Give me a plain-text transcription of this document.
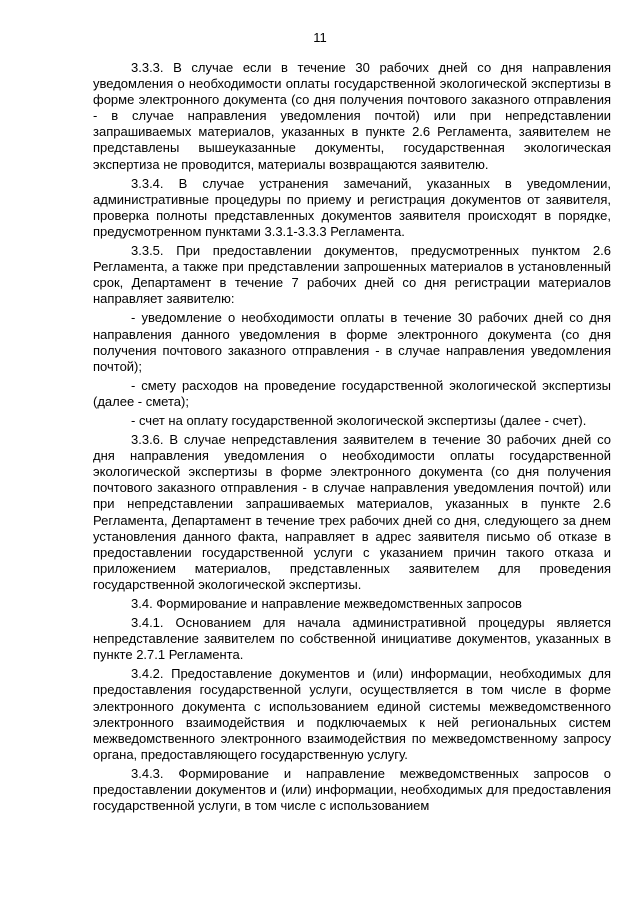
11

3.3.3. В случае если в течение 30 рабочих дней со дня направления уведомления о необходимости оплаты государственной экологической экспертизы в форме электронного документа (со дня получения почтового заказного отправления - в случае направления уведомления почтой) или при непредставлении запрашиваемых материалов, указанных в пункте 2.6 Регламента, заявителем не представлены вышеуказанные документы, государственная экологическая экспертиза не проводится, материалы возвращаются заявителю.

3.3.4. В случае устранения замечаний, указанных в уведомлении, административные процедуры по приему и регистрация документов от заявителя, проверка полноты представленных документов заявителя происходят в порядке, предусмотренном пунктами 3.3.1-3.3.3 Регламента.

3.3.5. При предоставлении документов, предусмотренных пунктом 2.6 Регламента, а также при представлении запрошенных материалов в установленный срок, Департамент в течение 7 рабочих дней со дня регистрации материалов направляет заявителю:

- уведомление о необходимости оплаты в течение 30 рабочих дней со дня направления данного уведомления в форме электронного документа (со дня получения почтового заказного отправления - в случае направления уведомления почтой);

- смету расходов на проведение государственной экологической экспертизы (далее - смета);

- счет на оплату государственной экологической экспертизы (далее - счет).

3.3.6. В случае непредставления заявителем в течение 30 рабочих дней со дня направления уведомления о необходимости оплаты государственной экологической экспертизы в форме электронного документа (со дня получения почтового заказного отправления - в случае направления уведомления почтой) или при непредставлении запрашиваемых материалов, указанных в пункте 2.6 Регламента, Департамент в течение трех рабочих дней со дня, следующего за днем установления данного факта, направляет в адрес заявителя письмо об отказе в предоставлении государственной услуги с указанием причин такого отказа и приложением материалов, представленных заявителем для проведения государственной экологической экспертизы.

3.4. Формирование и направление межведомственных запросов

3.4.1. Основанием для начала административной процедуры является непредставление заявителем по собственной инициативе документов, указанных в пункте 2.7.1 Регламента.

3.4.2. Предоставление документов и (или) информации, необходимых для предоставления государственной услуги, осуществляется в том числе в форме электронного документа с использованием единой системы межведомственного электронного взаимодействия и подключаемых к ней региональных систем межведомственного электронного взаимодействия по межведомственному запросу органа, предоставляющего государственную услугу.

3.4.3. Формирование и направление межведомственных запросов о предоставлении документов и (или) информации, необходимых для предоставления государственной услуги, в том числе с использованием
